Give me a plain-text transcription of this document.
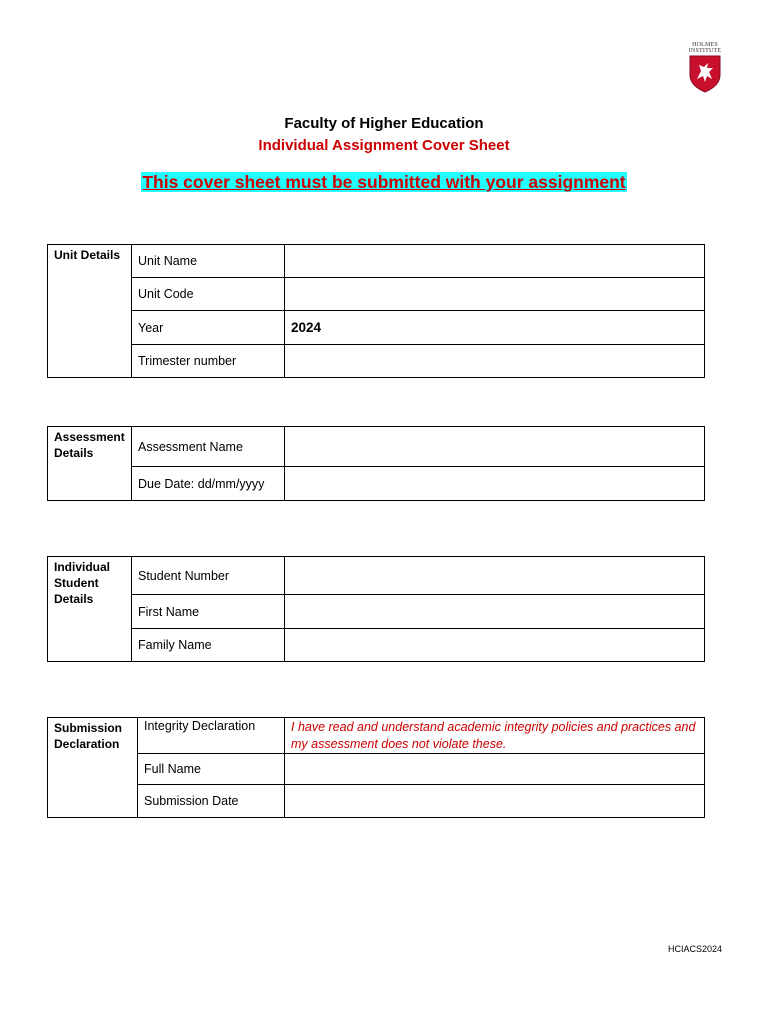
HOLMES
INSTITUTE
Faculty of Higher Education
Individual Assignment Cover Sheet
This cover sheet must be submitted with your assignment
Unit Details	Unit Name	
	Unit Code	
	Year	2024
	Trimester number	
Assessment Details	Assessment Name	
	Due Date: dd/mm/yyyy	
Individual Student Details	Student Number	
	First Name	
	Family Name	
Submission Declaration	Integrity Declaration	I have read and understand academic integrity policies and practices and my assessment does not violate these.
	Full Name	
	Submission Date	
HCIACS2024
